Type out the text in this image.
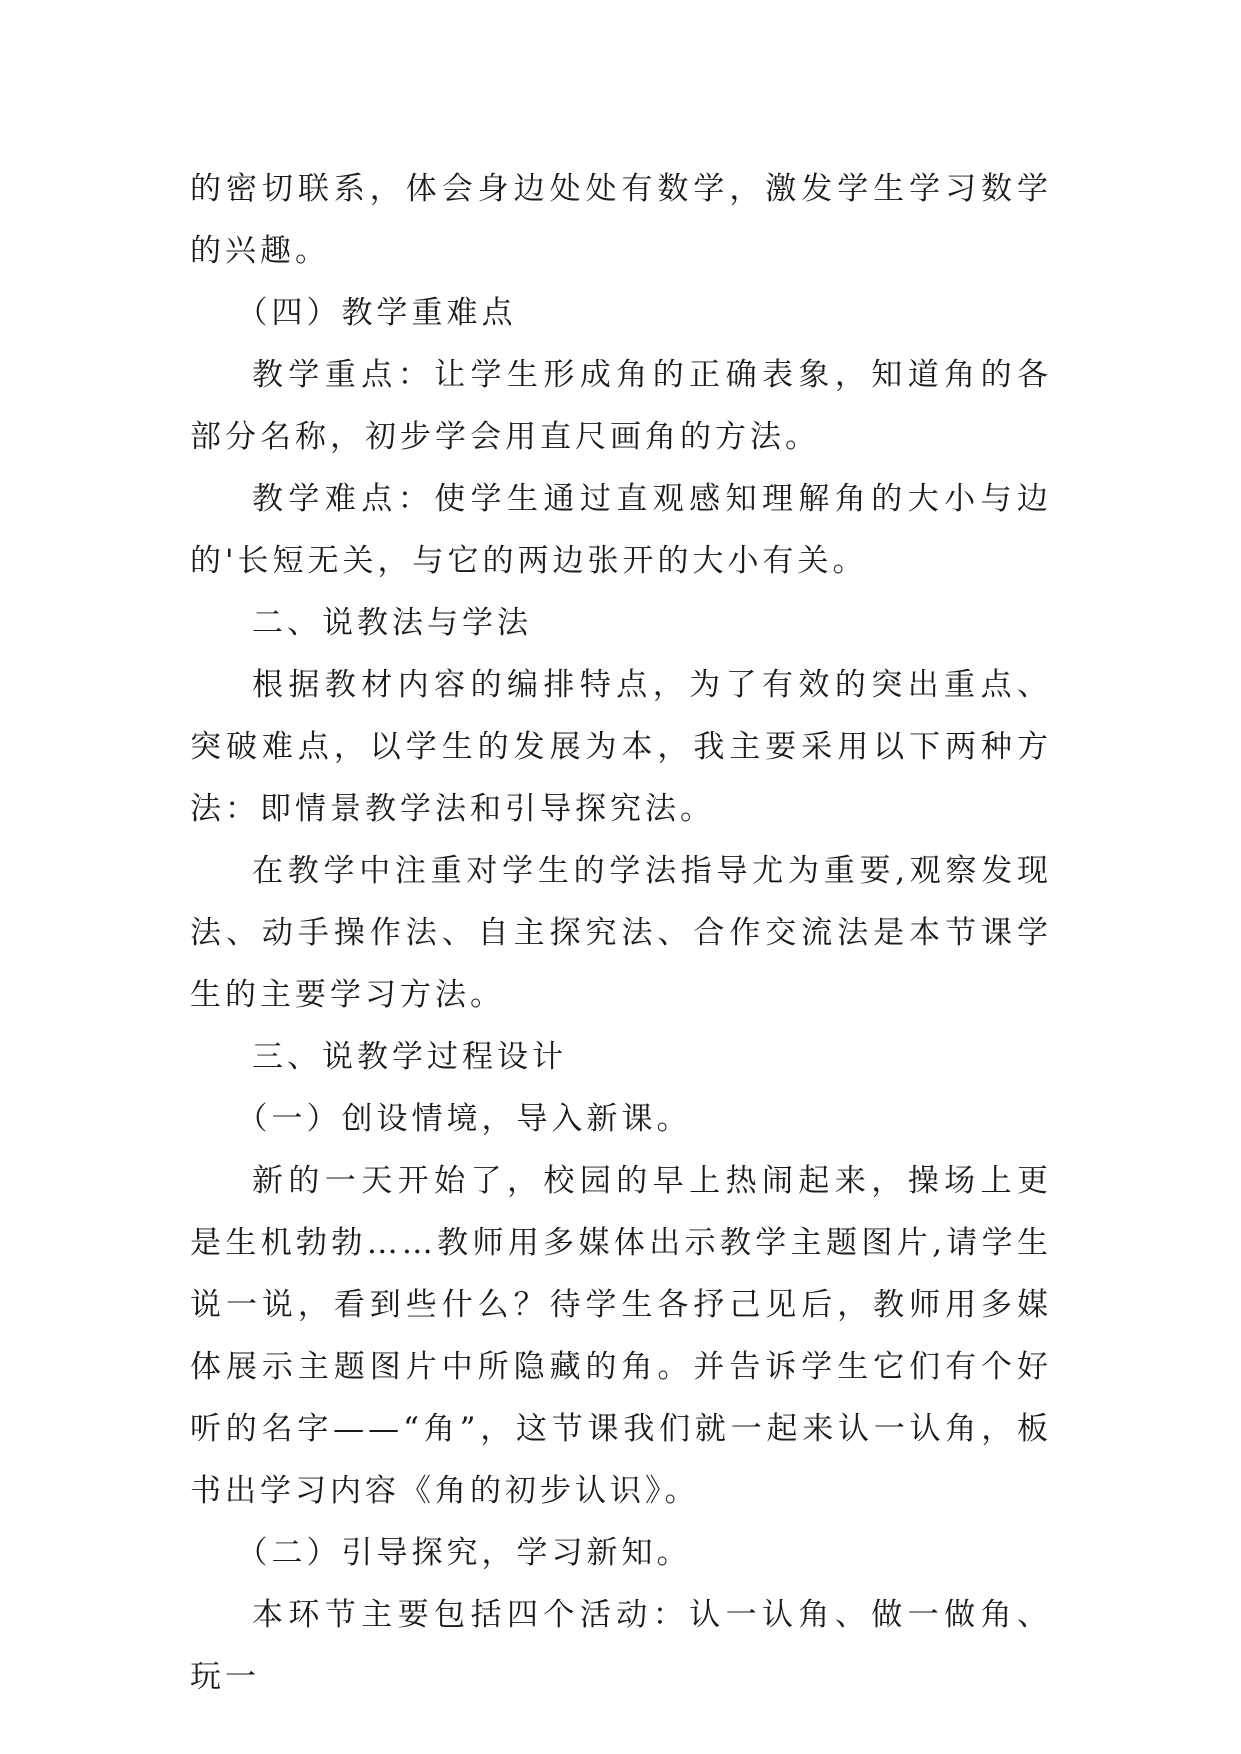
的密切联系，体会身边处处有数学，激发学生学习数学的兴趣。

（四）教学重难点

教学重点：让学生形成角的正确表象，知道角的各部分名称，初步学会用直尺画角的方法。

教学难点：使学生通过直观感知理解角的大小与边的'长短无关，与它的两边张开的大小有关。

二、说教法与学法

根据教材内容的编排特点，为了有效的突出重点、突破难点，以学生的发展为本，我主要采用以下两种方法：即情景教学法和引导探究法。

在教学中注重对学生的学法指导尤为重要,观察发现法、动手操作法、自主探究法、合作交流法是本节课学生的主要学习方法。

三、说教学过程设计

（一）创设情境，导入新课。

新的一天开始了，校园的早上热闹起来，操场上更是生机勃勃……教师用多媒体出示教学主题图片,请学生说一说，看到些什么？待学生各抒己见后，教师用多媒体展示主题图片中所隐藏的角。并告诉学生它们有个好听的名字——“角”，这节课我们就一起来认一认角，板书出学习内容《角的初步认识》。

（二）引导探究，学习新知。

本环节主要包括四个活动：认一认角、做一做角、玩一
